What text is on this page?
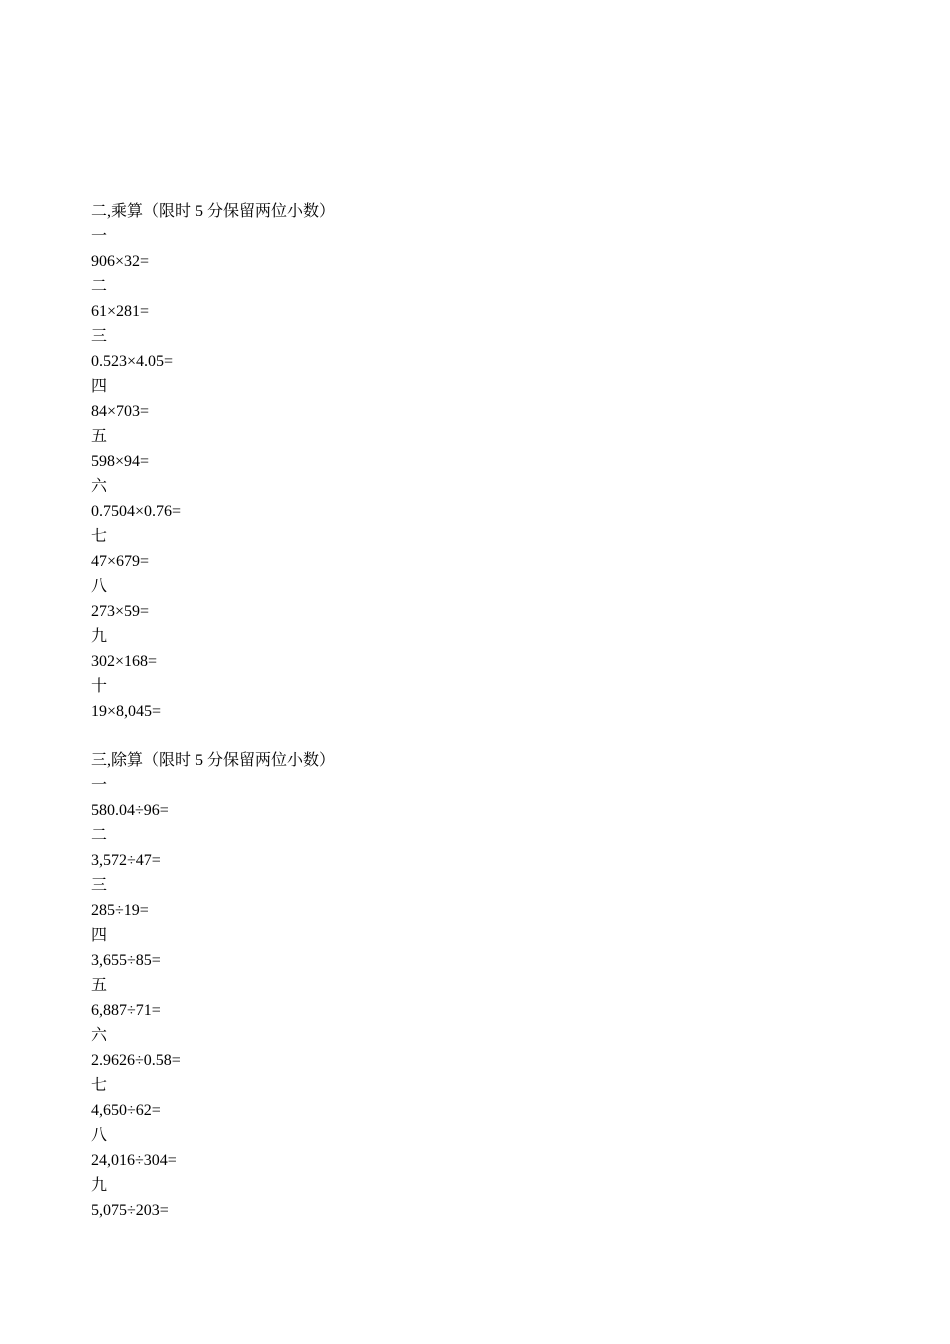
二,乘算（限时 5 分保留两位小数）
一
906×32=
二
61×281=
三
0.523×4.05=
四
84×703=
五
598×94=
六
0.7504×0.76=
七
47×679=
八
273×59=
九
302×168=
十
19×8,045=
三,除算（限时 5 分保留两位小数）
一
580.04÷96=
二
3,572÷47=
三
285÷19=
四
3,655÷85=
五
6,887÷71=
六
2.9626÷0.58=
七
4,650÷62=
八
24,016÷304=
九
5,075÷203=
